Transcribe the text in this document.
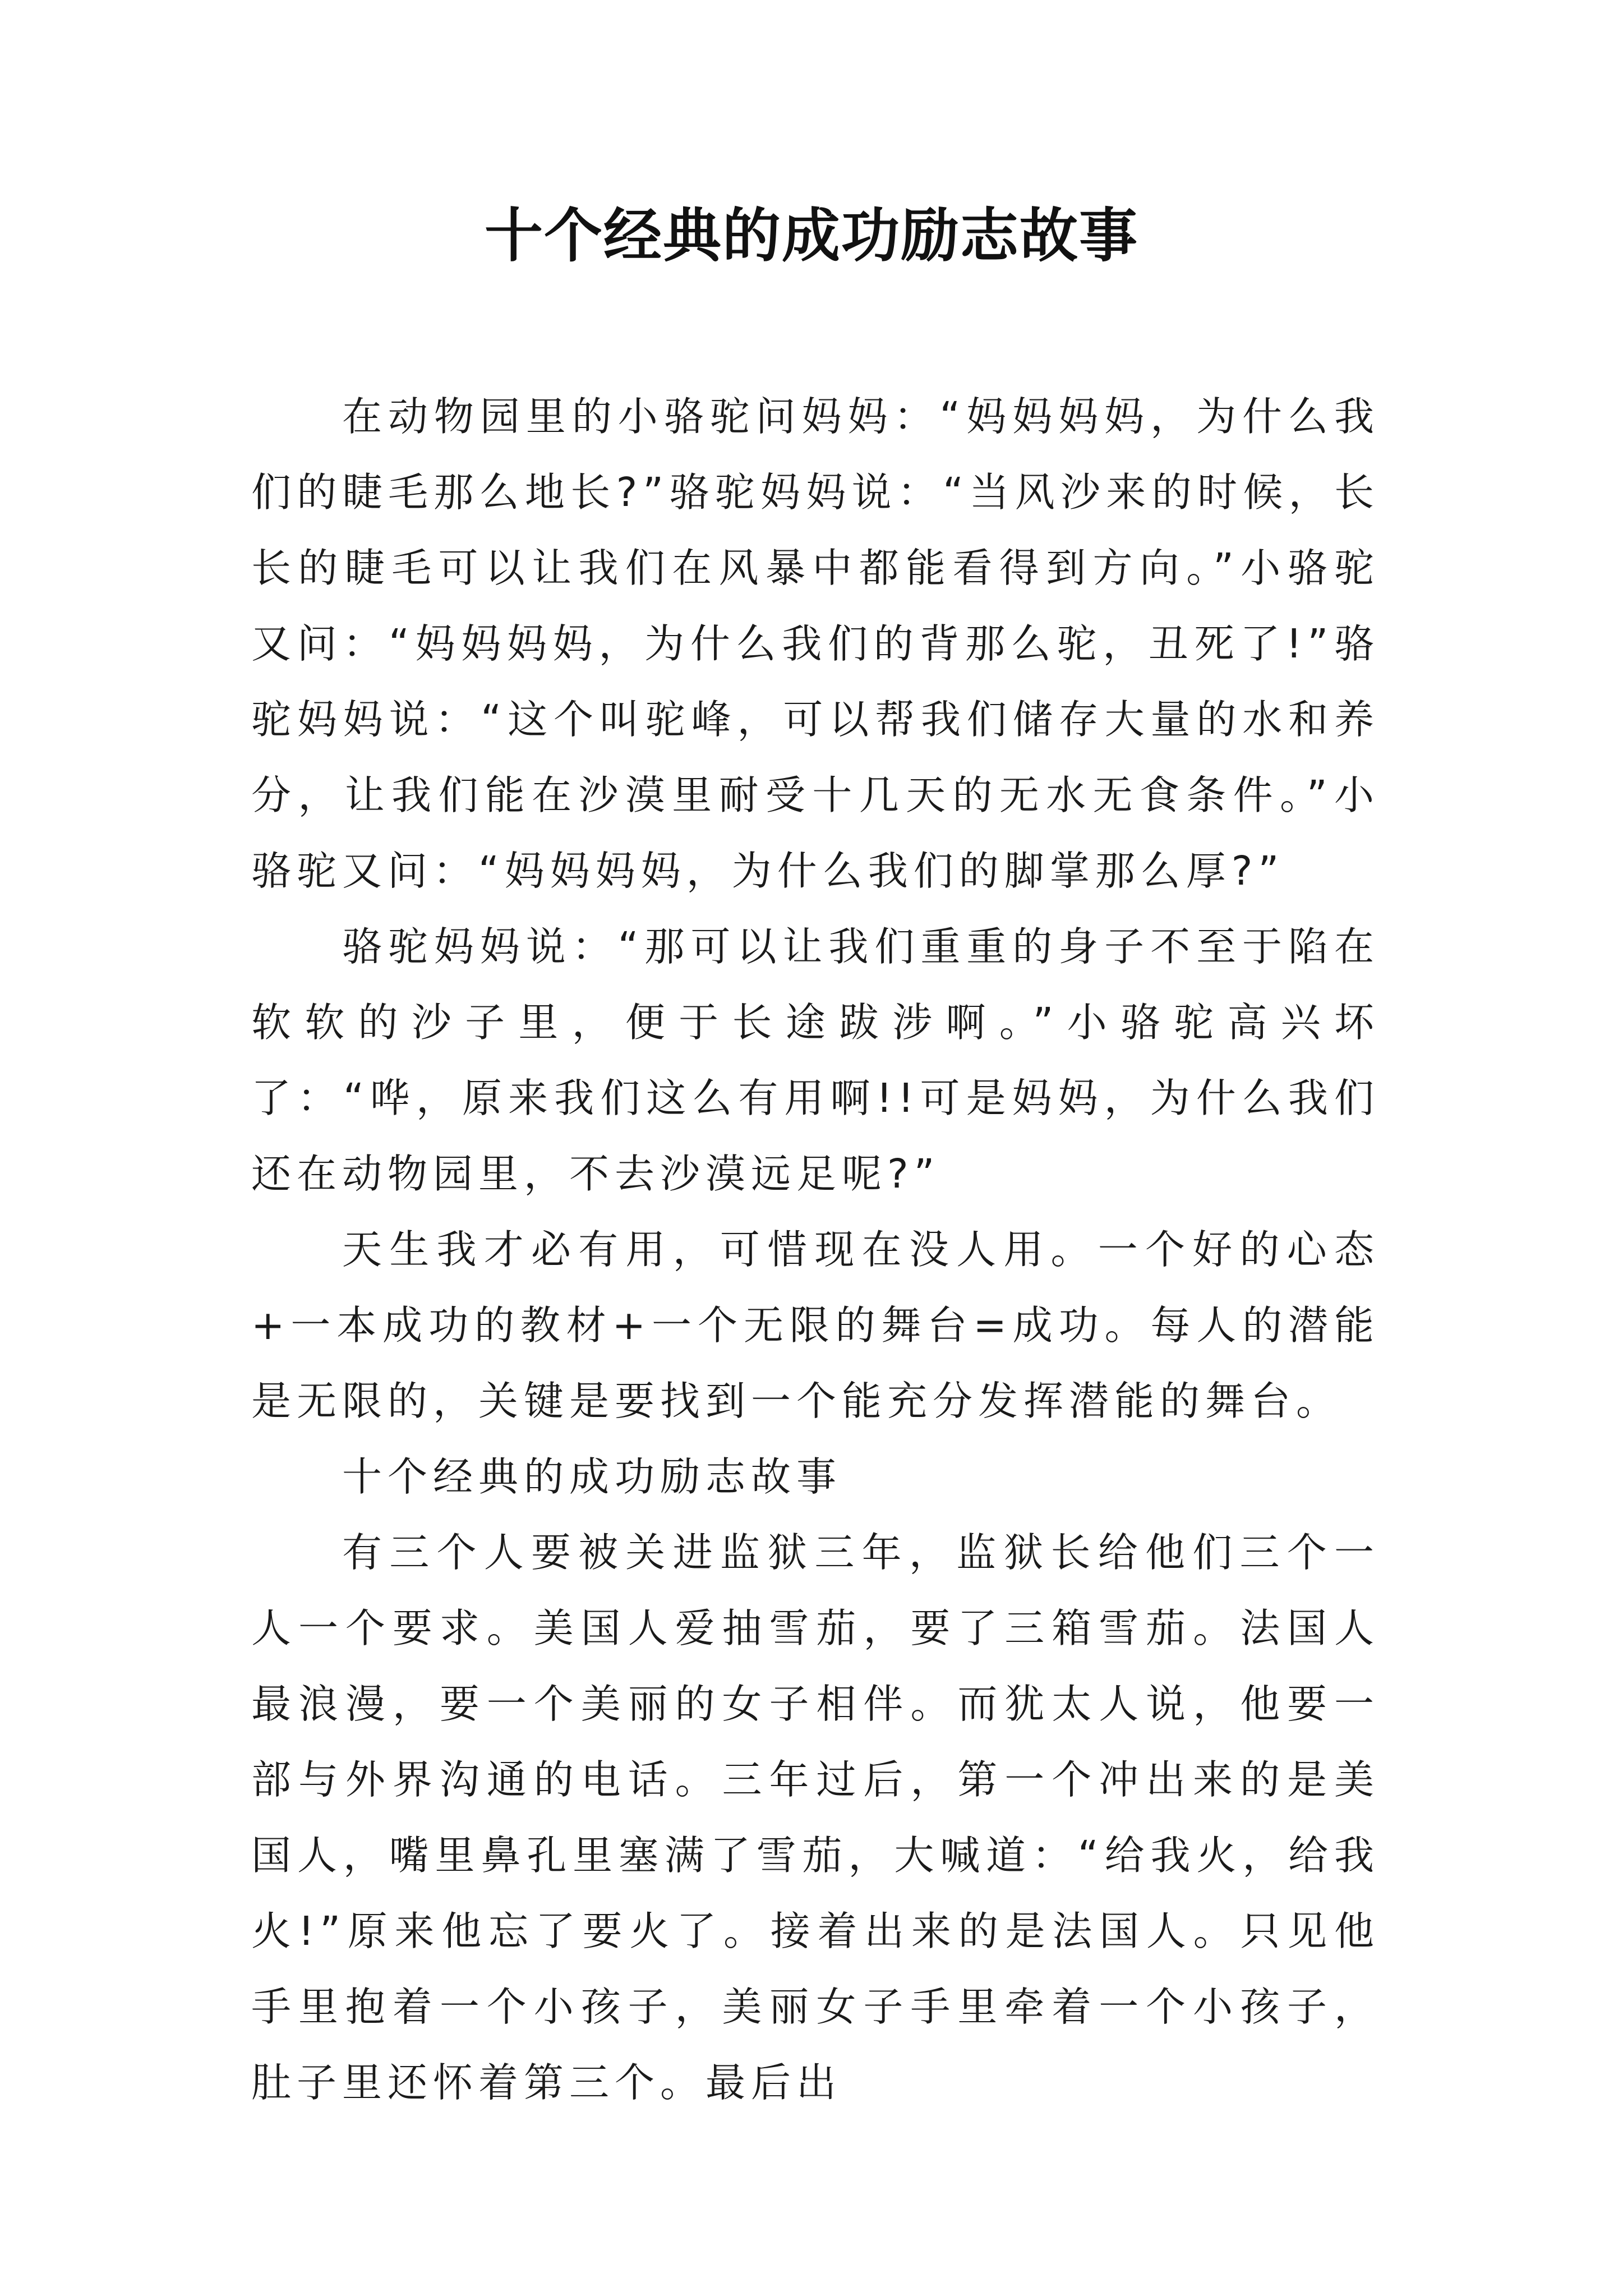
十个经典的成功励志故事

在动物园里的小骆驼问妈妈：“妈妈妈妈，为什么我们的睫毛那么地长?”骆驼妈妈说：“当风沙来的时候，长长的睫毛可以让我们在风暴中都能看得到方向。”小骆驼又问：“妈妈妈妈，为什么我们的背那么驼，丑死了!”骆驼妈妈说：“这个叫驼峰，可以帮我们储存大量的水和养分，让我们能在沙漠里耐受十几天的无水无食条件。”小骆驼又问：“妈妈妈妈，为什么我们的脚掌那么厚?”

骆驼妈妈说：“那可以让我们重重的身子不至于陷在软软的沙子里，便于长途跋涉啊。”小骆驼高兴坏了：“哗，原来我们这么有用啊!!可是妈妈，为什么我们还在动物园里，不去沙漠远足呢?”

天生我才必有用，可惜现在没人用。一个好的心态+一本成功的教材+一个无限的舞台=成功。每人的潜能是无限的，关键是要找到一个能充分发挥潜能的舞台。

十个经典的成功励志故事

有三个人要被关进监狱三年，监狱长给他们三个一人一个要求。美国人爱抽雪茄，要了三箱雪茄。法国人最浪漫，要一个美丽的女子相伴。而犹太人说，他要一部与外界沟通的电话。三年过后，第一个冲出来的是美国人，嘴里鼻孔里塞满了雪茄，大喊道：“给我火，给我火!”原来他忘了要火了。接着出来的是法国人。只见他手里抱着一个小孩子，美丽女子手里牵着一个小孩子，肚子里还怀着第三个。最后出
